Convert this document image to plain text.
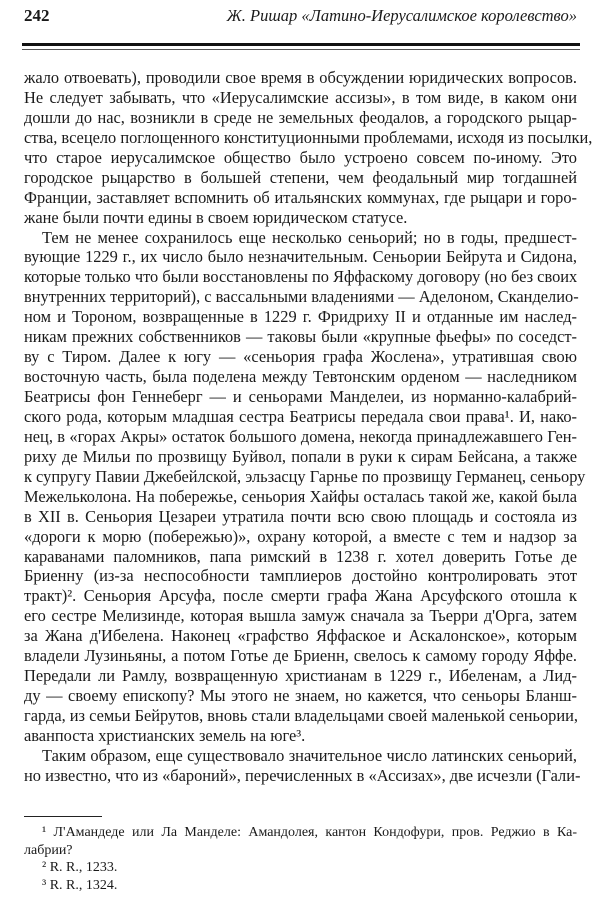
242	Ж. Ришар «Латино-Иерусалимское королевство»
жало отвоевать), проводили свое время в обсуждении юридических вопросов.
Не следует забывать, что «Иерусалимские ассизы», в том виде, в каком они
дошли до нас, возникли в среде не земельных феодалов, а городского рыцар-
ства, всецело поглощенного конституционными проблемами, исходя из посылки,
что старое иерусалимское общество было устроено совсем по-иному. Это
городское рыцарство в большей степени, чем феодальный мир тогдашней
Франции, заставляет вспомнить об итальянских коммунах, где рыцари и горо-
жане были почти едины в своем юридическом статусе.
Тем не менее сохранилось еще несколько сеньорий; но в годы, предшест-
вующие 1229 г., их число было незначительным. Сеньории Бейрута и Сидона,
которые только что были восстановлены по Яффаскому договору (но без своих
внутренних территорий), с вассальными владениями — Аделоном, Сканделио-
ном и Тороном, возвращенные в 1229 г. Фридриху II и отданные им наслед-
никам прежних собственников — таковы были «крупные фьефы» по соседст-
ву с Тиром. Далее к югу — «сеньория графа Жослена», утратившая свою
восточную часть, была поделена между Тевтонским орденом — наследником
Беатрисы фон Геннеберг — и сеньорами Манделеи, из норманно-калабрий-
ского рода, которым младшая сестра Беатрисы передала свои права¹. И, нако-
нец, в «горах Акры» остаток большого домена, некогда принадлежавшего Ген-
риху де Мильи по прозвищу Буйвол, попали в руки к сирам Бейсана, а также
к супругу Павии Джебейлской, эльзасцу Гарнье по прозвищу Германец, сеньору
Межельколона. На побережье, сеньория Хайфы осталась такой же, какой была
в XII в. Сеньория Цезареи утратила почти всю свою площадь и состояла из
«дороги к морю (побережью)», охрану которой, а вместе с тем и надзор за
караванами паломников, папа римский в 1238 г. хотел доверить Готье де
Бриенну (из-за неспособности тамплиеров достойно контролировать этот
тракт)². Сеньория Арсуфа, после смерти графа Жана Арсуфского отошла к
его сестре Мелизинде, которая вышла замуж сначала за Тьерри д'Орга, затем
за Жана д'Ибелена. Наконец «графство Яффаское и Аскалонское», которым
владели Лузиньяны, а потом Готье де Бриенн, свелось к самому городу Яффе.
Передали ли Рамлу, возвращенную христианам в 1229 г., Ибеленам, а Лид-
ду — своему епископу? Мы этого не знаем, но кажется, что сеньоры Бланш-
гарда, из семьи Бейрутов, вновь стали владельцами своей маленькой сеньории,
аванпоста христианских земель на юге³.
Таким образом, еще существовало значительное число латинских сеньорий,
но известно, что из «бароний», перечисленных в «Ассизах», две исчезли (Гали-
¹ Л'Амандеде или Ла Манделе: Амандолея, кантон Кондофури, пров. Реджио в Ка-
лабрии?
² R. R., 1233.
³ R. R., 1324.
